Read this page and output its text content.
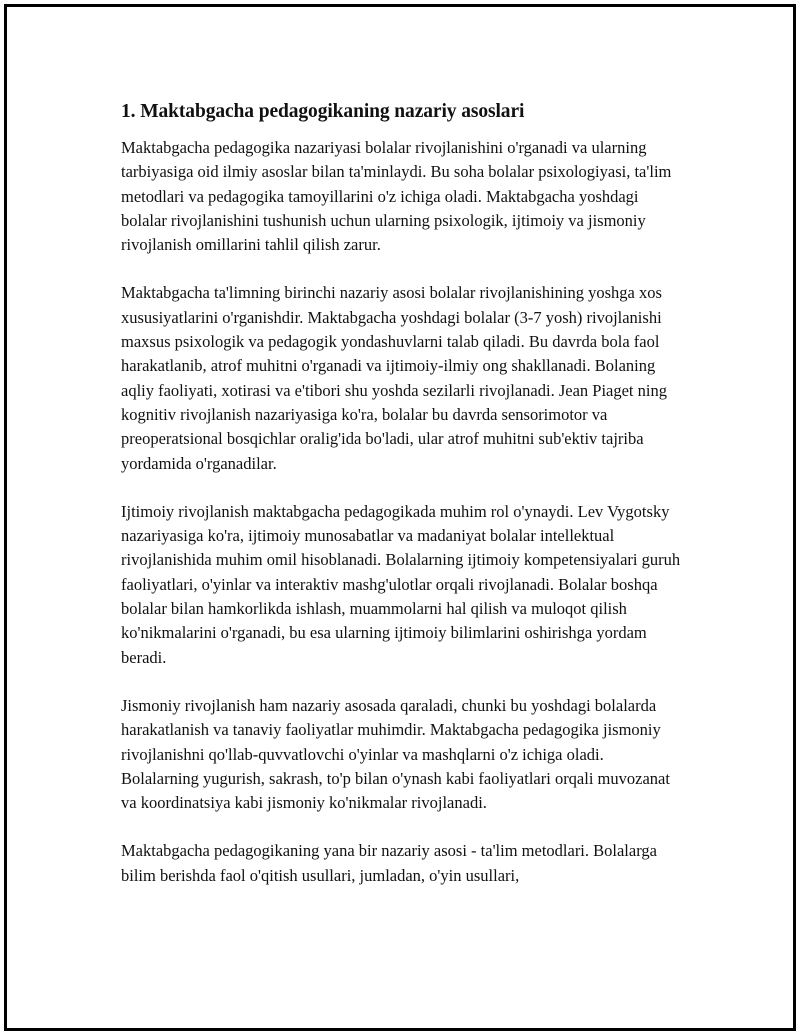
1. Maktabgacha pedagogikaning nazariy asoslari

Maktabgacha pedagogika nazariyasi bolalar rivojlanishini o'rganadi va ularning tarbiyasiga oid ilmiy asoslar bilan ta'minlaydi. Bu soha bolalar psixologiyasi, ta'lim metodlari va pedagogika tamoyillarini o'z ichiga oladi. Maktabgacha yoshdagi bolalar rivojlanishini tushunish uchun ularning psixologik, ijtimoiy va jismoniy rivojlanish omillarini tahlil qilish zarur.

Maktabgacha ta'limning birinchi nazariy asosi bolalar rivojlanishining yoshga xos xususiyatlarini o'rganishdir. Maktabgacha yoshdagi bolalar (3-7 yosh) rivojlanishi maxsus psixologik va pedagogik yondashuvlarni talab qiladi. Bu davrda bola faol harakatlanib, atrof muhitni o'rganadi va ijtimoiy-ilmiy ong shakllanadi. Bolaning aqliy faoliyati, xotirasi va e'tibori shu yoshda sezilarli rivojlanadi. Jean Piaget ning kognitiv rivojlanish nazariyasiga ko'ra, bolalar bu davrda sensorimotor va preoperatsional bosqichlar oralig'ida bo'ladi, ular atrof muhitni sub'ektiv tajriba yordamida o'rganadilar.

Ijtimoiy rivojlanish maktabgacha pedagogikada muhim rol o'ynaydi. Lev Vygotsky nazariyasiga ko'ra, ijtimoiy munosabatlar va madaniyat bolalar intellektual rivojlanishida muhim omil hisoblanadi. Bolalarning ijtimoiy kompetensiyalari guruh faoliyatlari, o'yinlar va interaktiv mashg'ulotlar orqali rivojlanadi. Bolalar boshqa bolalar bilan hamkorlikda ishlash, muammolarni hal qilish va muloqot qilish ko'nikmalarini o'rganadi, bu esa ularning ijtimoiy bilimlarini oshirishga yordam beradi.

Jismoniy rivojlanish ham nazariy asosada qaraladi, chunki bu yoshdagi bolalarda harakatlanish va tanaviy faoliyatlar muhimdir. Maktabgacha pedagogika jismoniy rivojlanishni qo'llab-quvvatlovchi o'yinlar va mashqlarni o'z ichiga oladi. Bolalarning yugurish, sakrash, to'p bilan o'ynash kabi faoliyatlari orqali muvozanat va koordinatsiya kabi jismoniy ko'nikmalar rivojlanadi.

Maktabgacha pedagogikaning yana bir nazariy asosi - ta'lim metodlari. Bolalarga bilim berishda faol o'qitish usullari, jumladan, o'yin usullari,
